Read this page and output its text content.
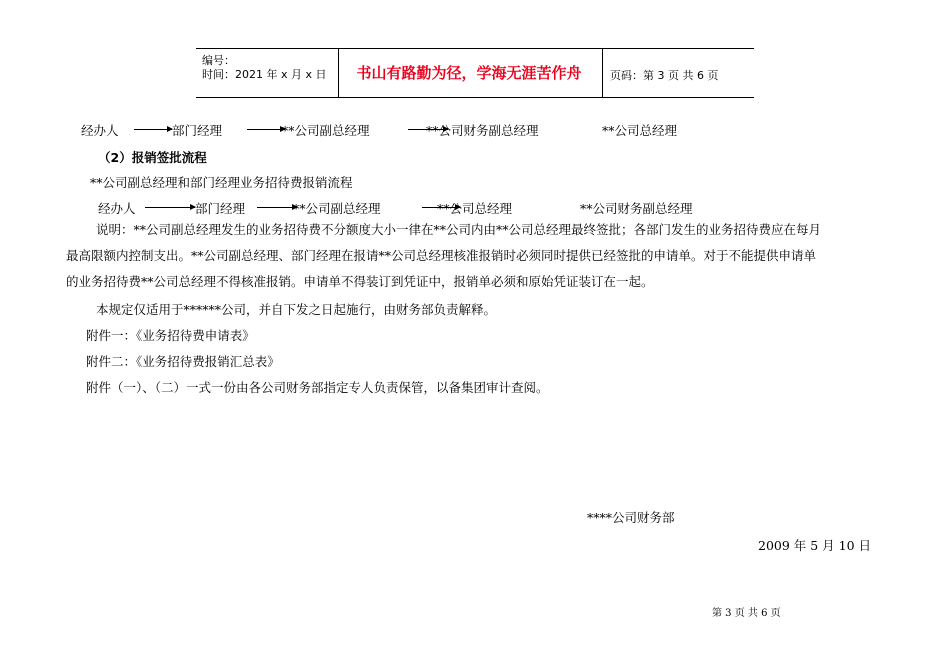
编号：
时间：2021 年 x 月 x 日	书山有路勤为径，学海无涯苦作舟	页码：第 3 页 共 6 页
经办人	部门经理	**公司副总经理	**公司财务副总经理	**公司总经理
（2）报销签批流程
**公司副总经理和部门经理业务招待费报销流程
经办人	部门经理	**公司副总经理	**公司总经理	**公司财务副总经理
说明：**公司副总经理发生的业务招待费不分额度大小一律在**公司内由**公司总经理最终签批；各部门发生的业务招待费应在每月
最高限额内控制支出。**公司副总经理、部门经理在报请**公司总经理核准报销时必须同时提供已经签批的申请单。对于不能提供申请单
的业务招待费**公司总经理不得核准报销。申请单不得装订到凭证中，报销单必须和原始凭证装订在一起。
本规定仅适用于******公司，并自下发之日起施行，由财务部负责解释。
附件一：《业务招待费申请表》
附件二：《业务招待费报销汇总表》
附件（一）、（二）一式一份由各公司财务部指定专人负责保管，以备集团审计查阅。
****公司财务部
2009 年 5 月 10 日
第 3 页 共 6 页
